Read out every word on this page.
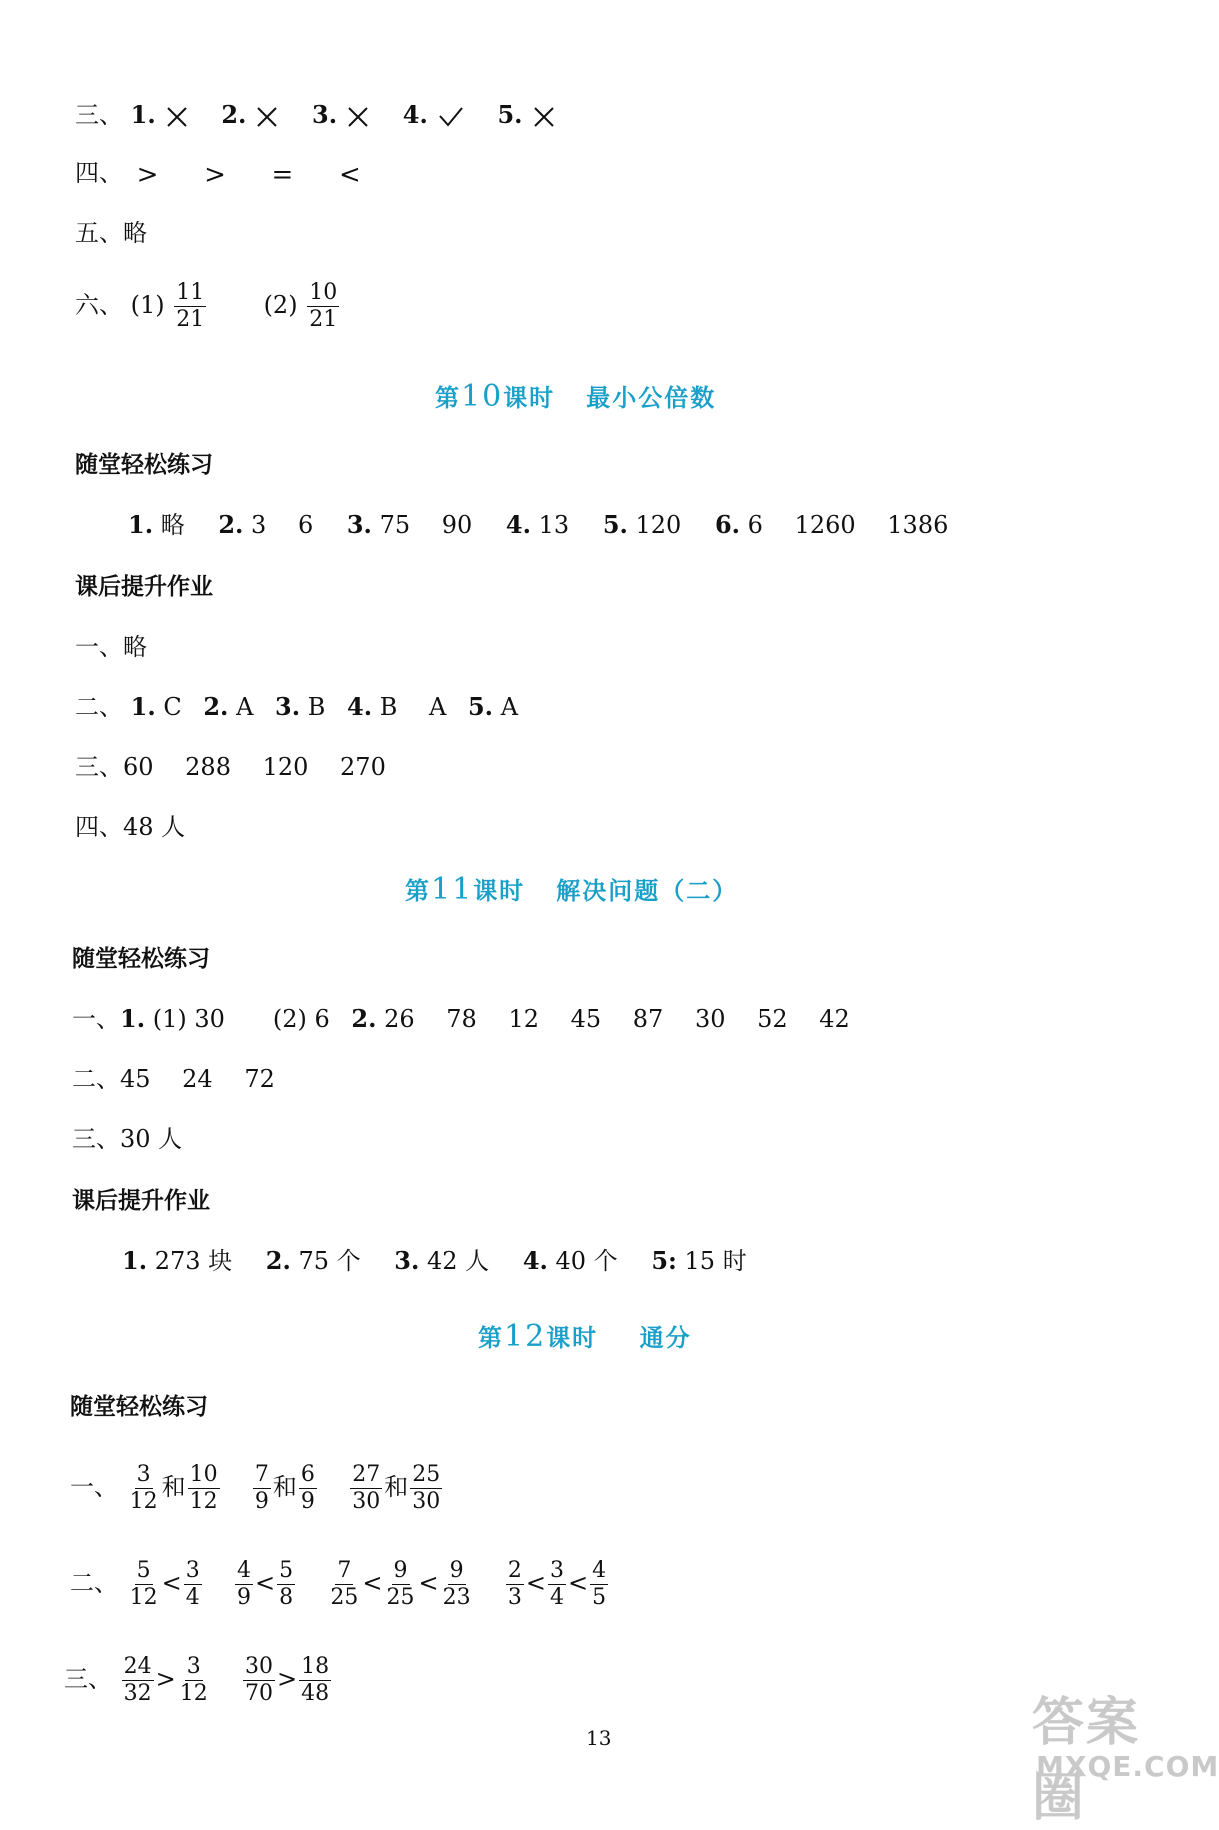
三、 1.	2.	3.	4.	5.
四、 > > = <
五、略
六、 $(1) \frac{11}{21} (2) \frac{10}{21}$
第10课时 最小公倍数
随堂轻松练习
1. 略 2. 3　 6 3. 75　 90 4. 13 5. 120 6. 6　 1260　 1386
课后提升作业
一、略
二、 1. C 2. A 3. B 4. B　 A 5. A
三、60　 288　 120　 270
四、48 人
第11课时 解决问题（二）
随堂轻松练习
一、1. (1) 30　　(2) 6 2. 26　 78　 12　 45　 87　 30　 52　 42
二、45　 24　 72
三、30 人
课后提升作业
1. 273 块 2. 75 个 3. 42 人 4. 40 个 5: 15 时
第12课时 通分
随堂轻松练习
一、 $\frac{3}{12}$ 和 $\frac{10}{12}$
$\frac{7}{9}$ 和 $\frac{6}{9}$
$\frac{27}{30}$ 和 $\frac{25}{30}$
二、 $\frac{5}{12} < \frac{3}{4}$
$\frac{4}{9} < \frac{5}{8}$
$\frac{7}{25} < \frac{9}{25} < \frac{9}{23}$
$\frac{2}{3} < \frac{3}{4} < \frac{4}{5}$
三、 $\frac{24}{32} > \frac{3}{12}$
$\frac{30}{70} > \frac{18}{48}$
13	答案圈
MXQE.COM
